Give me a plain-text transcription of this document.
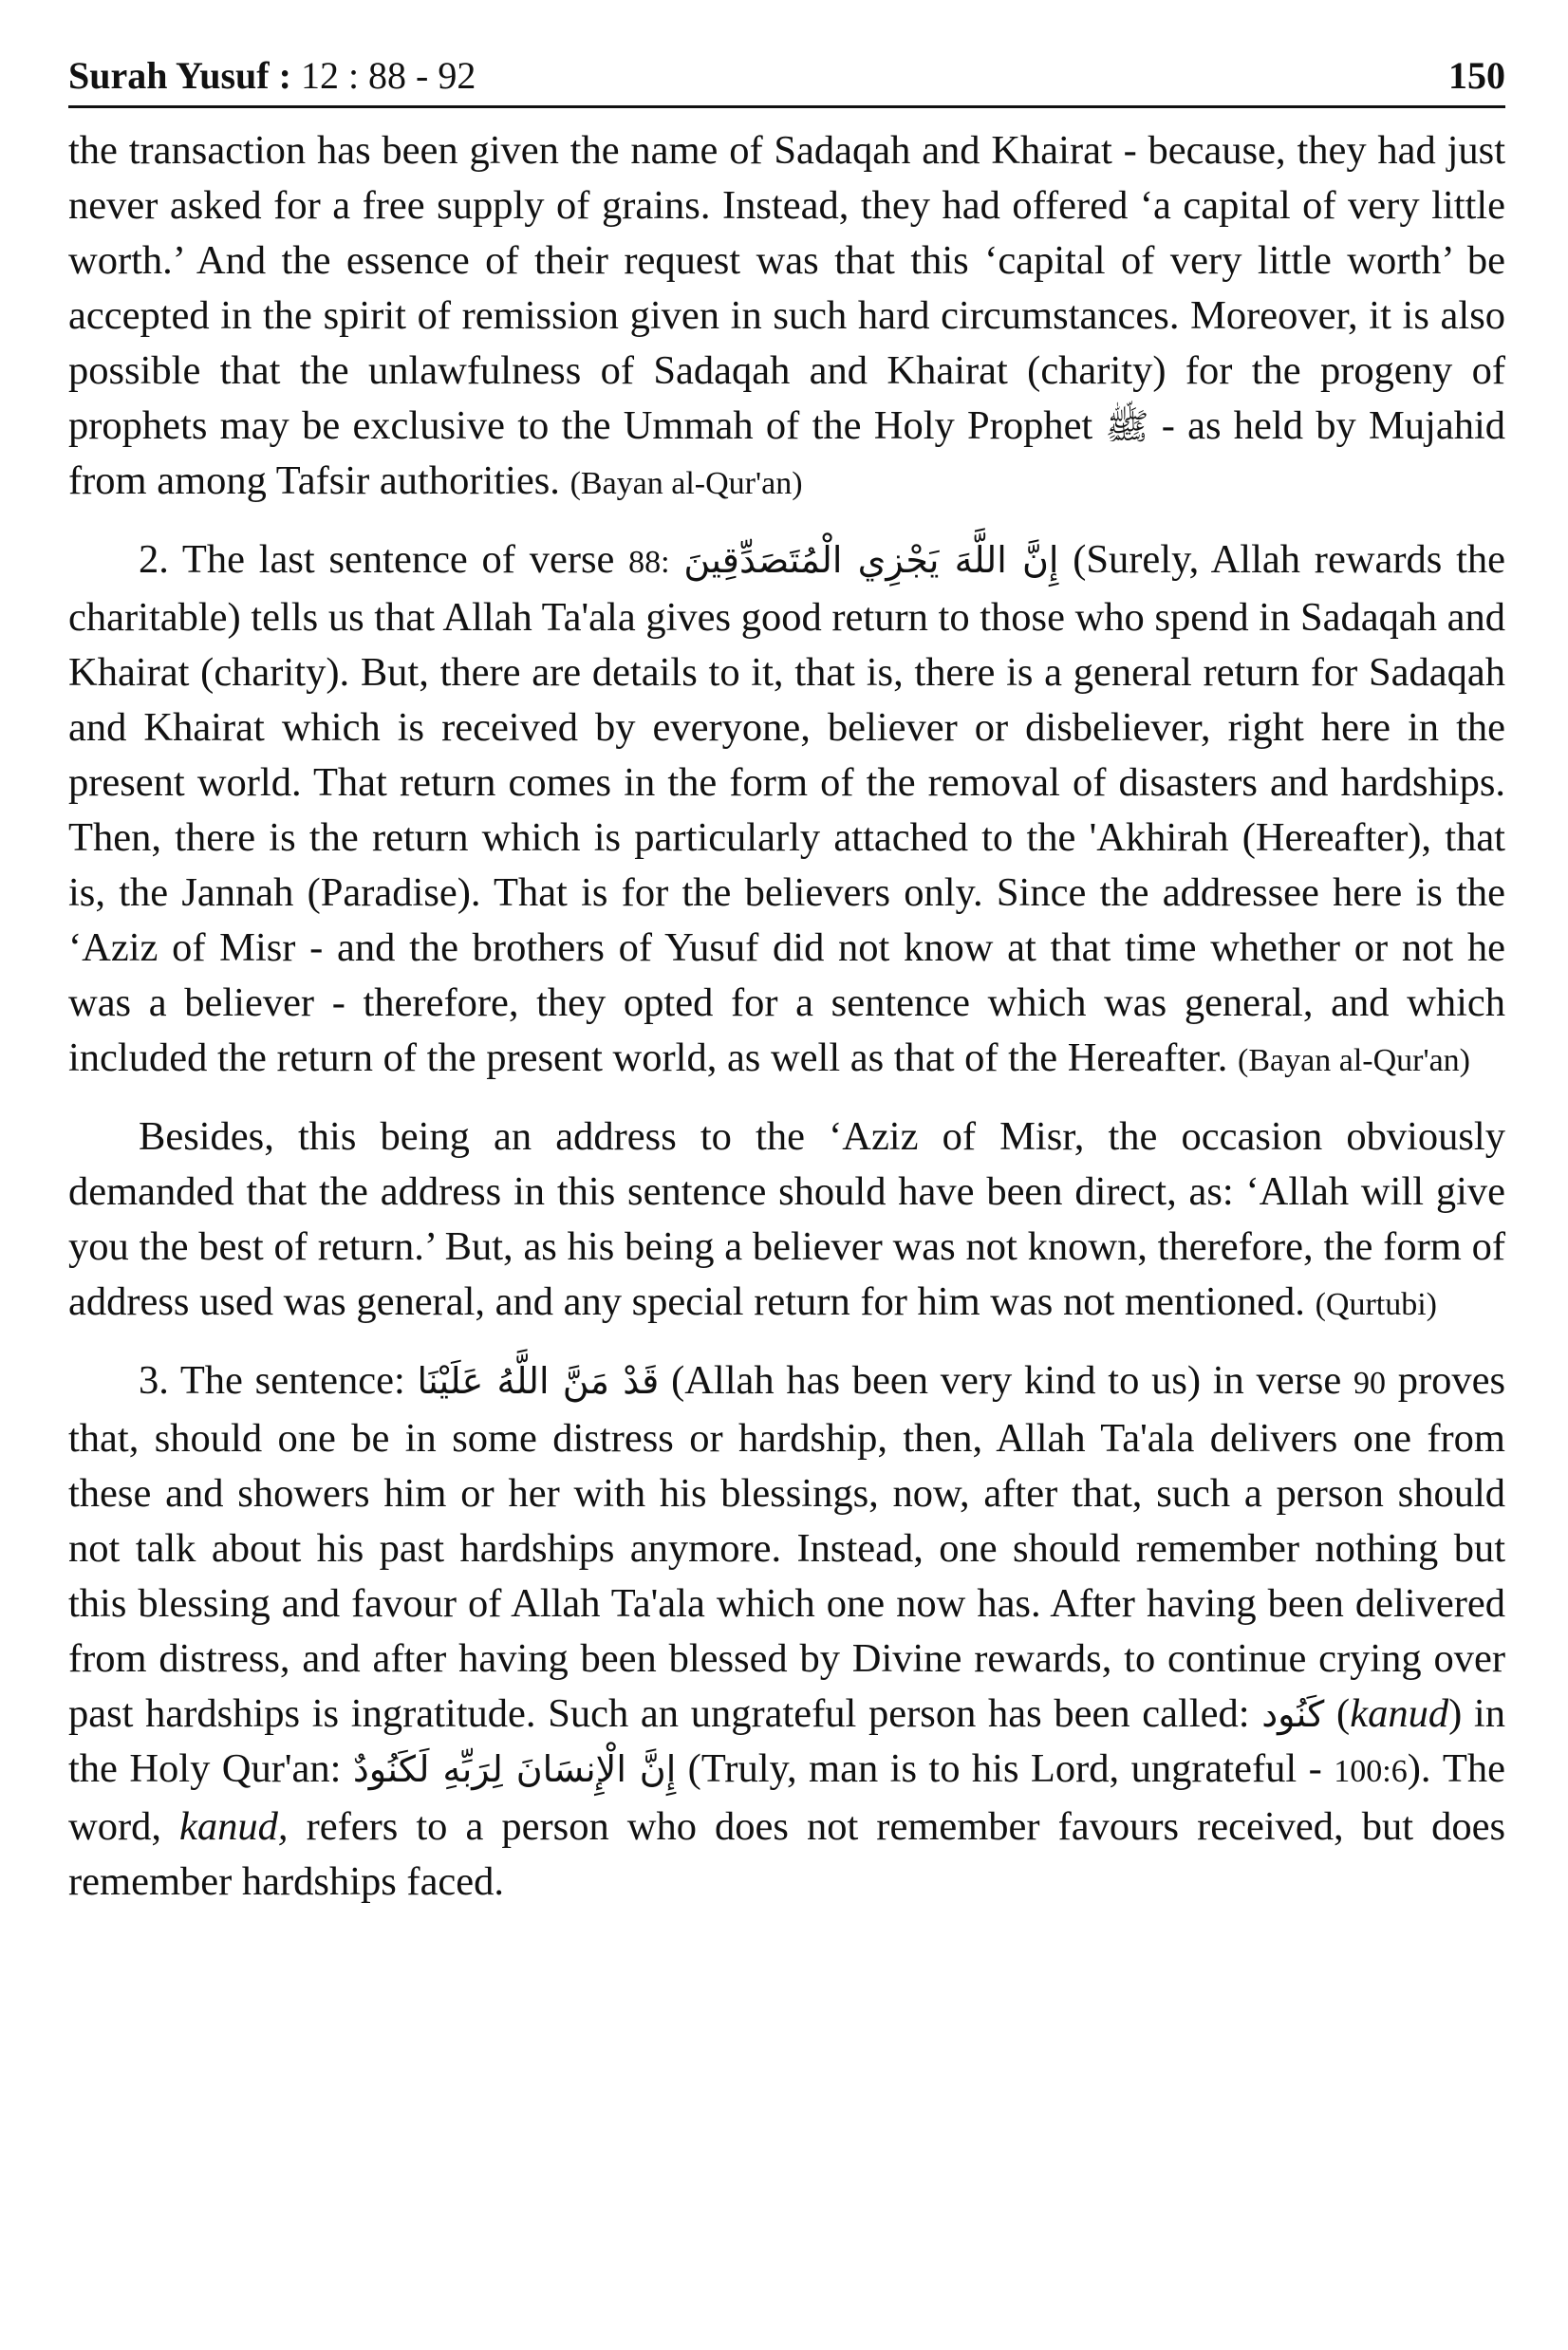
Surah Yusuf : 12 : 88 - 92	150

the transaction has been given the name of Sadaqah and Khairat - because, they had just never asked for a free supply of grains. Instead, they had offered ‘a capital of very little worth.’ And the essence of their request was that this ‘capital of very little worth’ be accepted in the spirit of remission given in such hard circumstances. Moreover, it is also possible that the unlawfulness of Sadaqah and Khairat (charity) for the progeny of prophets may be exclusive to the Ummah of the Holy Prophet ﷺ - as held by Mujahid from among Tafsir authorities. (Bayan al-Qur'an)

2. The last sentence of verse 88: إِنَّ اللَّهَ يَجْزِي الْمُتَصَدِّقِينَ (Surely, Allah rewards the charitable) tells us that Allah Ta'ala gives good return to those who spend in Sadaqah and Khairat (charity). But, there are details to it, that is, there is a general return for Sadaqah and Khairat which is received by everyone, believer or disbeliever, right here in the present world. That return comes in the form of the removal of disasters and hardships. Then, there is the return which is particularly attached to the 'Akhirah (Hereafter), that is, the Jannah (Paradise). That is for the believers only. Since the addressee here is the ‘Aziz of Misr - and the brothers of Yusuf did not know at that time whether or not he was a believer - therefore, they opted for a sentence which was general, and which included the return of the present world, as well as that of the Hereafter. (Bayan al-Qur'an)

Besides, this being an address to the ‘Aziz of Misr, the occasion obviously demanded that the address in this sentence should have been direct, as: ‘Allah will give you the best of return.’ But, as his being a believer was not known, therefore, the form of address used was general, and any special return for him was not mentioned. (Qurtubi)

3. The sentence: قَدْ مَنَّ اللَّهُ عَلَيْنَا (Allah has been very kind to us) in verse 90 proves that, should one be in some distress or hardship, then, Allah Ta'ala delivers one from these and showers him or her with his blessings, now, after that, such a person should not talk about his past hardships anymore. Instead, one should remember nothing but this blessing and favour of Allah Ta'ala which one now has. After having been delivered from distress, and after having been blessed by Divine rewards, to continue crying over past hardships is ingratitude. Such an ungrateful person has been called: كَنُود (kanud) in the Holy Qur'an: إِنَّ الْإِنسَانَ لِرَبِّهِ لَكَنُودٌ (Truly, man is to his Lord, ungrateful - 100:6). The word, kanud, refers to a person who does not remember favours received, but does remember hardships faced.
